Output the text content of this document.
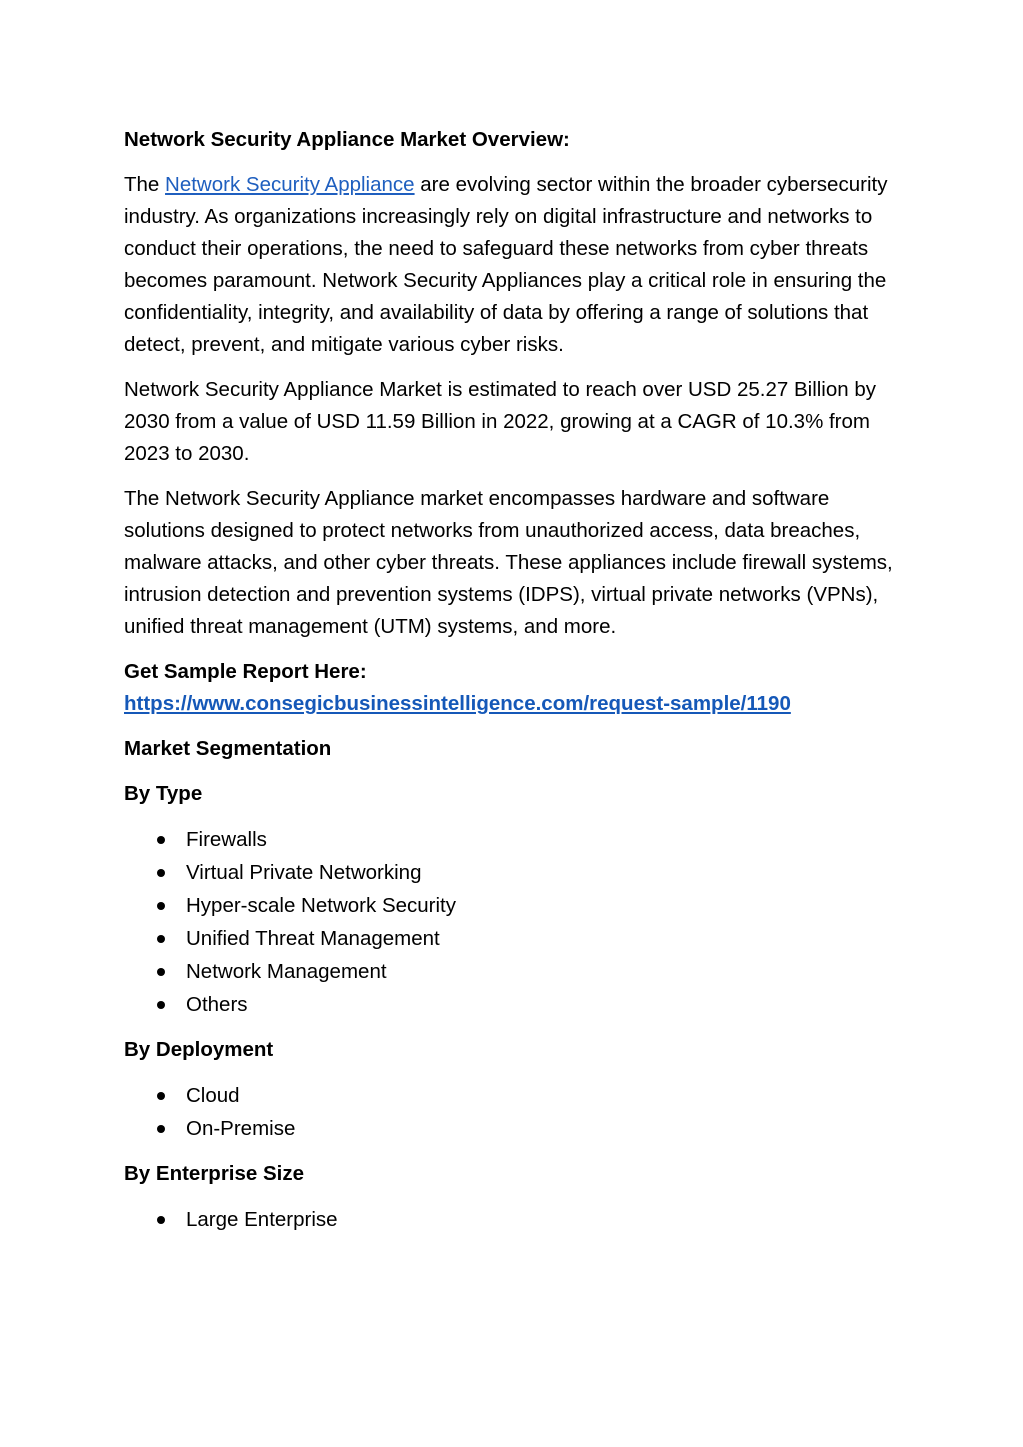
Network Security Appliance Market Overview:

The Network Security Appliance are evolving sector within the broader cybersecurity industry. As organizations increasingly rely on digital infrastructure and networks to conduct their operations, the need to safeguard these networks from cyber threats becomes paramount. Network Security Appliances play a critical role in ensuring the confidentiality, integrity, and availability of data by offering a range of solutions that detect, prevent, and mitigate various cyber risks.

Network Security Appliance Market is estimated to reach over USD 25.27 Billion by 2030 from a value of USD 11.59 Billion in 2022, growing at a CAGR of 10.3% from 2023 to 2030.

The Network Security Appliance market encompasses hardware and software solutions designed to protect networks from unauthorized access, data breaches, malware attacks, and other cyber threats. These appliances include firewall systems, intrusion detection and prevention systems (IDPS), virtual private networks (VPNs), unified threat management (UTM) systems, and more.

Get Sample Report Here:
https://www.consegicbusinessintelligence.com/request-sample/1190
Market Segmentation
By Type
Firewalls
Virtual Private Networking
Hyper-scale Network Security
Unified Threat Management
Network Management
Others
By Deployment
Cloud
On-Premise
By Enterprise Size
Large Enterprise
